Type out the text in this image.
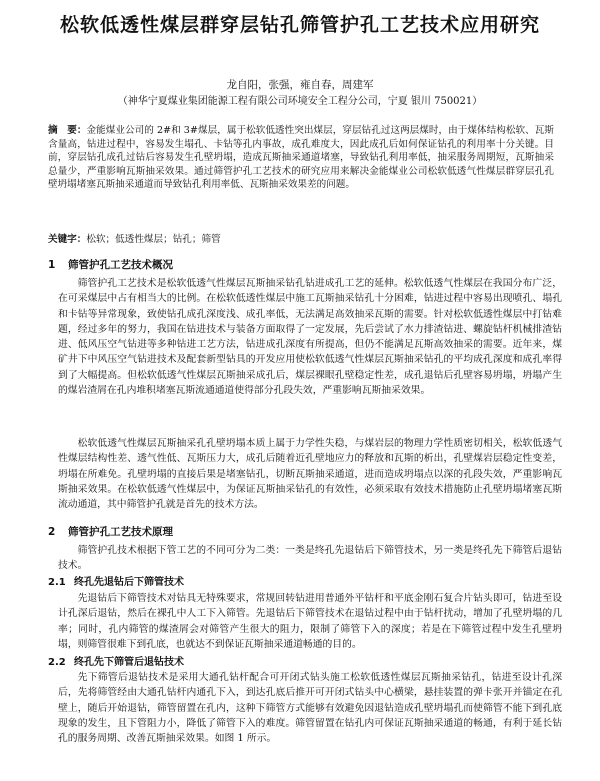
松软低透性煤层群穿层钻孔筛管护孔工艺技术应用研究
龙自阳，张强，雍自春，周建军
（神华宁夏煤业集团能源工程有限公司环境安全工程分公司，宁夏 银川 750021）
摘　要：金能煤业公司的 2#和 3#煤层，属于松软低透性突出煤层，穿层钻孔过这两层煤时，由于煤体结构松软、瓦斯含量高，钻进过程中，容易发生塌孔、卡钻等孔内事故，成孔难度大，因此成孔后如何保证钻孔的利用率十分关键。目前，穿层钻孔成孔过钻后容易发生孔壁坍塌，造成瓦斯抽采通道堵塞，导致钻孔利用率低，抽采服务周期短，瓦斯抽采总量少，严重影响瓦斯抽采效果。通过筛管护孔工艺技术的研究应用来解决金能煤业公司松软低透气性煤层群穿层孔孔壁坍塌堵塞瓦斯抽采通道而导致钻孔利用率低、瓦斯抽采效果差的问题。
关键字：松软；低透性煤层；钻孔；筛管
1 筛管护孔工艺技术概况
筛管护孔工艺技术是松软低透气性煤层瓦斯抽采钻孔钻进成孔工艺的延伸。松软低透气性煤层在我国分布广泛，在可采煤层中占有相当大的比例。在松软低透性煤层中施工瓦斯抽采钻孔十分困难，钻进过程中容易出现喷孔、塌孔和卡钻等异常现象，致使钻孔成孔深度浅、成孔率低，无法满足高效抽采瓦斯的需要。针对松软低透性煤层中打钻难题，经过多年的努力，我国在钻进技术与装备方面取得了一定发展，先后尝试了水力排渣钻进、螺旋钻杆机械排渣钻进、低风压空气钻进等多种钻进工艺方法，钻进成孔深度有所提高，但仍不能满足瓦斯高效抽采的需要。近年来，煤矿井下中风压空气钻进技术及配套新型钻具的开发应用使松软低透气性煤层瓦斯抽采钻孔的平均成孔深度和成孔率得到了大幅提高。但松软低透气性煤层瓦斯抽采成孔后，煤层裸眼孔壁稳定性差，成孔退钻后孔壁容易坍塌，坍塌产生的煤岩渣屑在孔内堆积堵塞瓦斯流通通道使得部分孔段失效，严重影响瓦斯抽采效果。
松软低透气性煤层瓦斯抽采孔孔壁坍塌本质上属于力学性失稳，与煤岩层的物理力学性质密切相关，松软低透气性煤层结构性差、透气性低、瓦斯压力大，成孔后随着近孔壁地应力的释放和瓦斯的析出，孔壁煤岩层稳定性变差，坍塌在所难免。孔壁坍塌的直接后果是堵塞钻孔，切断瓦斯抽采通道，进而造成坍塌点以深的孔段失效，严重影响瓦斯抽采效果。在松软低透气性煤层中，为保证瓦斯抽采钻孔的有效性，必须采取有效技术措施防止孔壁坍塌堵塞瓦斯流动通道，其中筛管护孔就是首先的技术方法。
2 筛管护孔工艺技术原理
筛管护孔技术根据下管工艺的不同可分为二类：一类是终孔先退钻后下筛管技术，另一类是终孔先下筛管后退钻技术。
2.1 终孔先退钻后下筛管技术
先退钻后下筛管技术对钻具无特殊要求，常规回转钻进用普通外平钻杆和平底金刚石复合片钻头即可，钻进至设计孔深后退钻，然后在裸孔中人工下入筛管。先退钻后下筛管技术在退钻过程中由于钻杆扰动，增加了孔壁坍塌的几率；同时，孔内筛管的煤渣屑会对筛管产生很大的阻力，限制了筛管下入的深度；若是在下筛管过程中发生孔壁坍塌，则筛管很难下到孔底，也就达不到保证瓦斯抽采通道畅通的目的。
2.2 终孔先下筛管后退钻技术
先下筛管后退钻技术是采用大通孔钻杆配合可开闭式钻头施工松软低透性煤层瓦斯抽采钻孔，钻进至设计孔深后，先将筛管经由大通孔钻杆内通孔下入，到达孔底后推开可开闭式钻头中心横梁，悬挂装置的弹卡张开并锚定在孔壁上，随后开始退钻，筛管留置在孔内，这种下筛管方式能够有效避免因退钻造成孔壁坍塌孔而使筛管不能下到孔底现象的发生，且下管阻力小，降低了筛管下入的难度。筛管留置在钻孔内可保证瓦斯抽采通道的畅通，有利于延长钻孔的服务周期、改善瓦斯抽采效果。如图 1 所示。
